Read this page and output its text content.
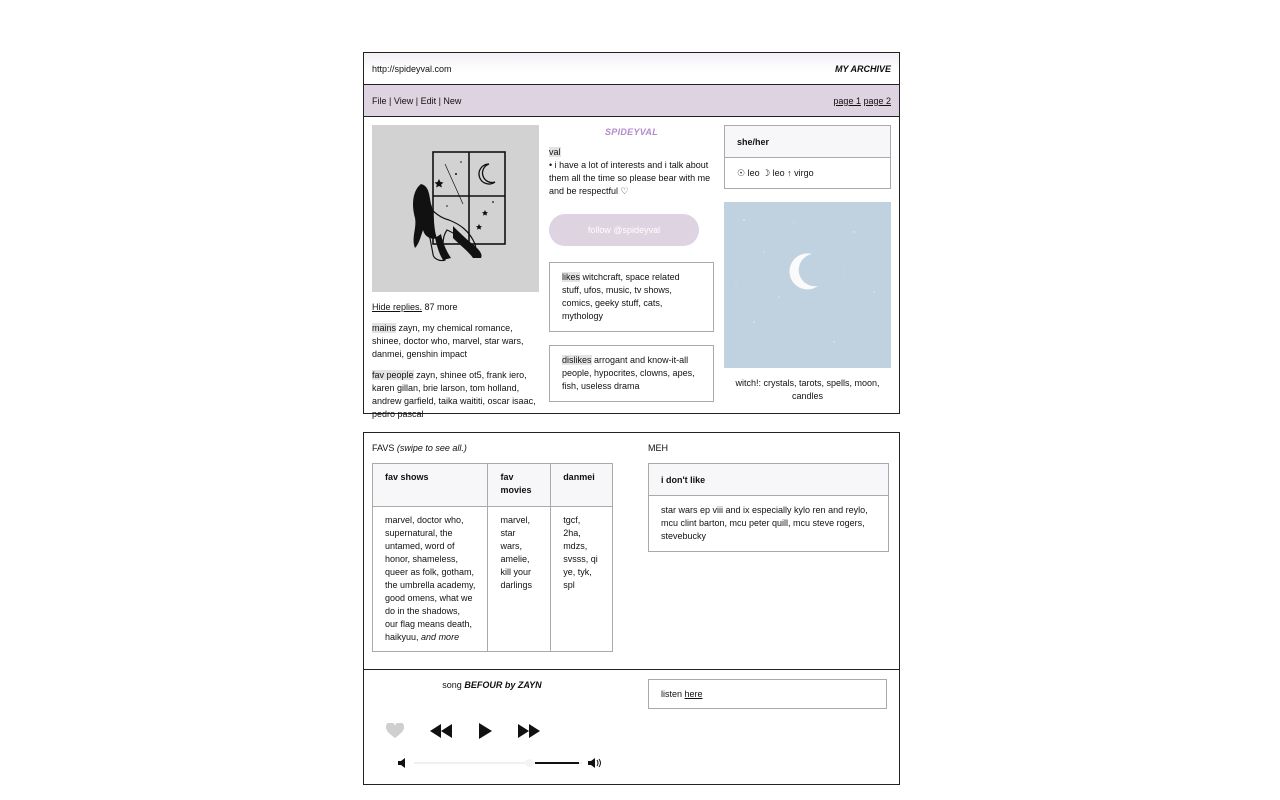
http://spideyval.com	MY ARCHIVE
File | View | Edit | New	page 1 page 2
Hide replies. 87 more
mains zayn, my chemical romance, shinee, doctor who, marvel, star wars, danmei, genshin impact
fav people zayn, shinee ot5, frank iero, karen gillan, brie larson, tom holland, andrew garfield, taika waititi, oscar isaac, pedro pascal
SPIDEYVAL
val
• i have a lot of interests and i talk about them all the time so please bear with me and be respectful ♡
follow @spideyval
likes witchcraft, space related stuff, ufos, music, tv shows, comics, geeky stuff, cats, mythology
dislikes arrogant and know-it-all people, hypocrites, clowns, apes, fish, useless drama
she/her
☉ leo ☽ leo ↑ virgo
witch!: crystals, tarots, spells, moon, candles
FAVS (swipe to see all.)
fav shows	fav movies	danmei
marvel, doctor who, supernatural, the untamed, word of honor, shameless, queer as folk, gotham, the umbrella academy, good omens, what we do in the shadows, our flag means death, haikyuu, and more	marvel, star wars, amelie, kill your darlings	tgcf, 2ha, mdzs, svsss, qi ye, tyk, spl
MEH
i don't like
star wars ep viii and ix especially kylo ren and reylo, mcu clint barton, mcu peter quill, mcu steve rogers, stevebucky
song BEFOUR by ZAYN
listen
here
